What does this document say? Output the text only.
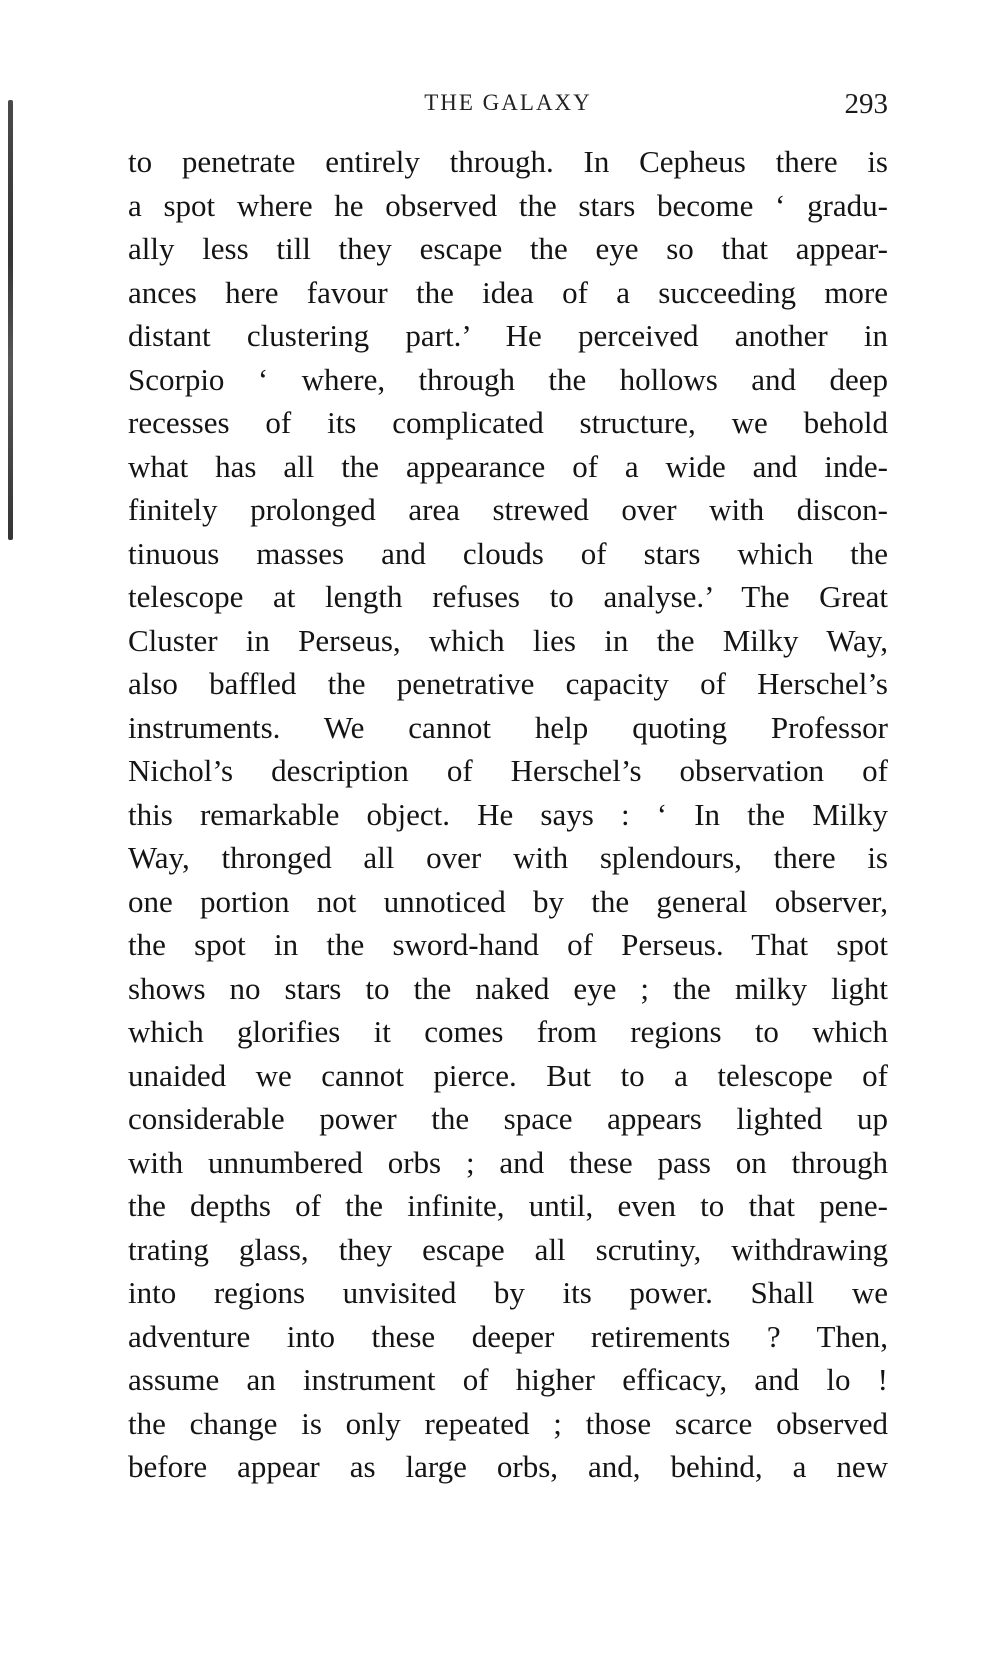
THE GALAXY	293
to penetrate entirely through. In Cepheus there is
a spot where he observed the stars become ‘ gradu-
ally less till they escape the eye so that appear-
ances here favour the idea of a succeeding more
distant clustering part.’ He perceived another in
Scorpio ‘ where, through the hollows and deep
recesses of its complicated structure, we behold
what has all the appearance of a wide and inde-
finitely prolonged area strewed over with discon-
tinuous masses and clouds of stars which the
telescope at length refuses to analyse.’ The Great
Cluster in Perseus, which lies in the Milky Way,
also baffled the penetrative capacity of Herschel’s
instruments. We cannot help quoting Professor
Nichol’s description of Herschel’s observation of
this remarkable object. He says : ‘ In the Milky
Way, thronged all over with splendours, there is
one portion not unnoticed by the general observer,
the spot in the sword-hand of Perseus. That spot
shows no stars to the naked eye ; the milky light
which glorifies it comes from regions to which
unaided we cannot pierce. But to a telescope of
considerable power the space appears lighted up
with unnumbered orbs ; and these pass on through
the depths of the infinite, until, even to that pene-
trating glass, they escape all scrutiny, withdrawing
into regions unvisited by its power. Shall we
adventure into these deeper retirements ? Then,
assume an instrument of higher efficacy, and lo !
the change is only repeated ; those scarce observed
before appear as large orbs, and, behind, a new
